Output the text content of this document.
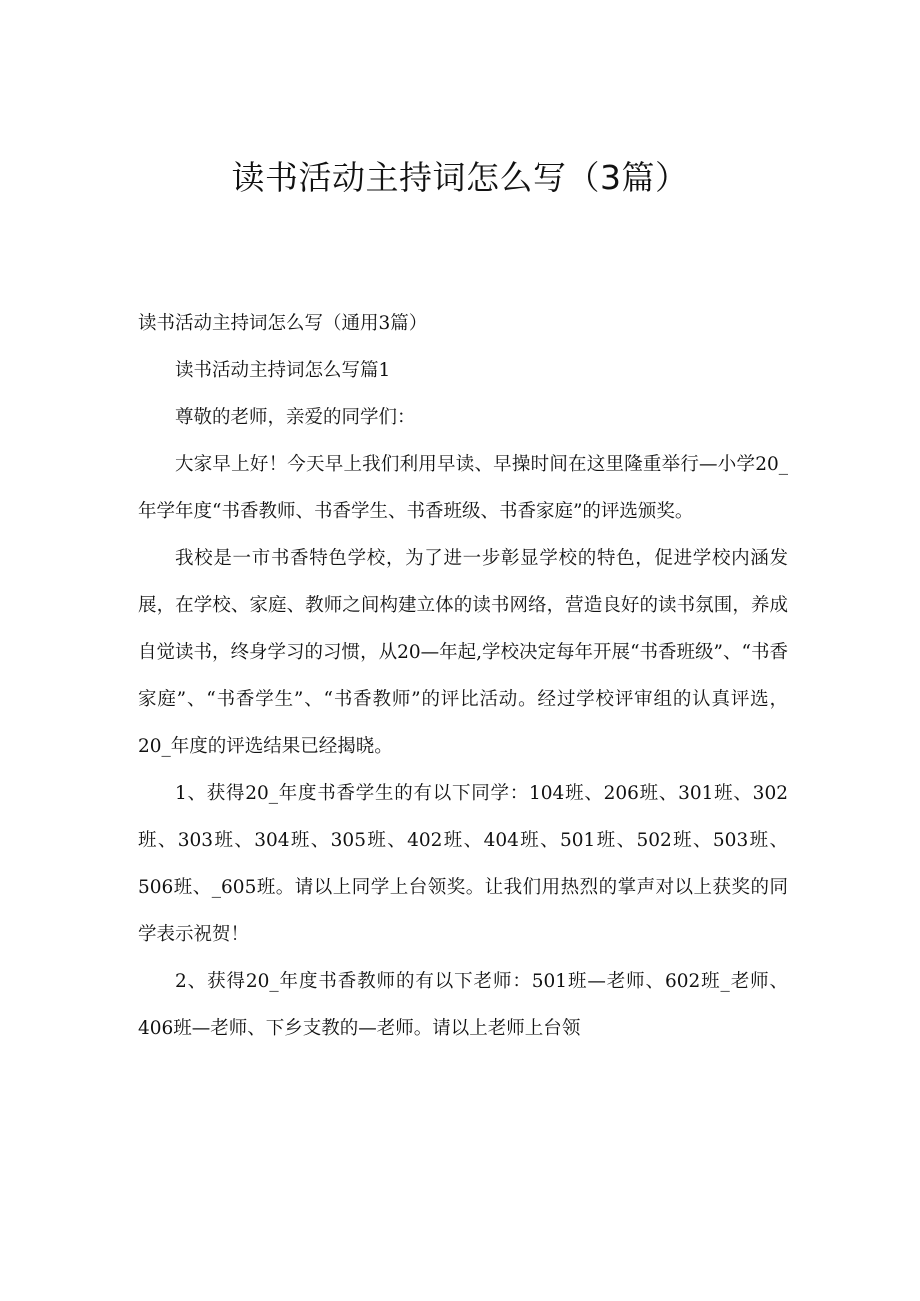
读书活动主持词怎么写（3篇）

读书活动主持词怎么写（通用3篇）

读书活动主持词怎么写篇1

尊敬的老师，亲爱的同学们：

大家早上好！今天早上我们利用早读、早操时间在这里隆重举行—小学20_年学年度“书香教师、书香学生、书香班级、书香家庭”的评选颁奖。

我校是一市书香特色学校，为了进一步彰显学校的特色，促进学校内涵发展，在学校、家庭、教师之间构建立体的读书网络，营造良好的读书氛围，养成自觉读书，终身学习的习惯，从20—年起,学校决定每年开展“书香班级”、“书香家庭”、“书香学生”、“书香教师”的评比活动。经过学校评审组的认真评选，20_年度的评选结果已经揭晓。

1、获得20_年度书香学生的有以下同学：104班、206班、301班、302班、303班、304班、305班、402班、404班、501班、502班、503班、506班、_605班。请以上同学上台领奖。让我们用热烈的掌声对以上获奖的同学表示祝贺！

2、获得20_年度书香教师的有以下老师：501班—老师、602班_老师、406班—老师、下乡支教的—老师。请以上老师上台领
